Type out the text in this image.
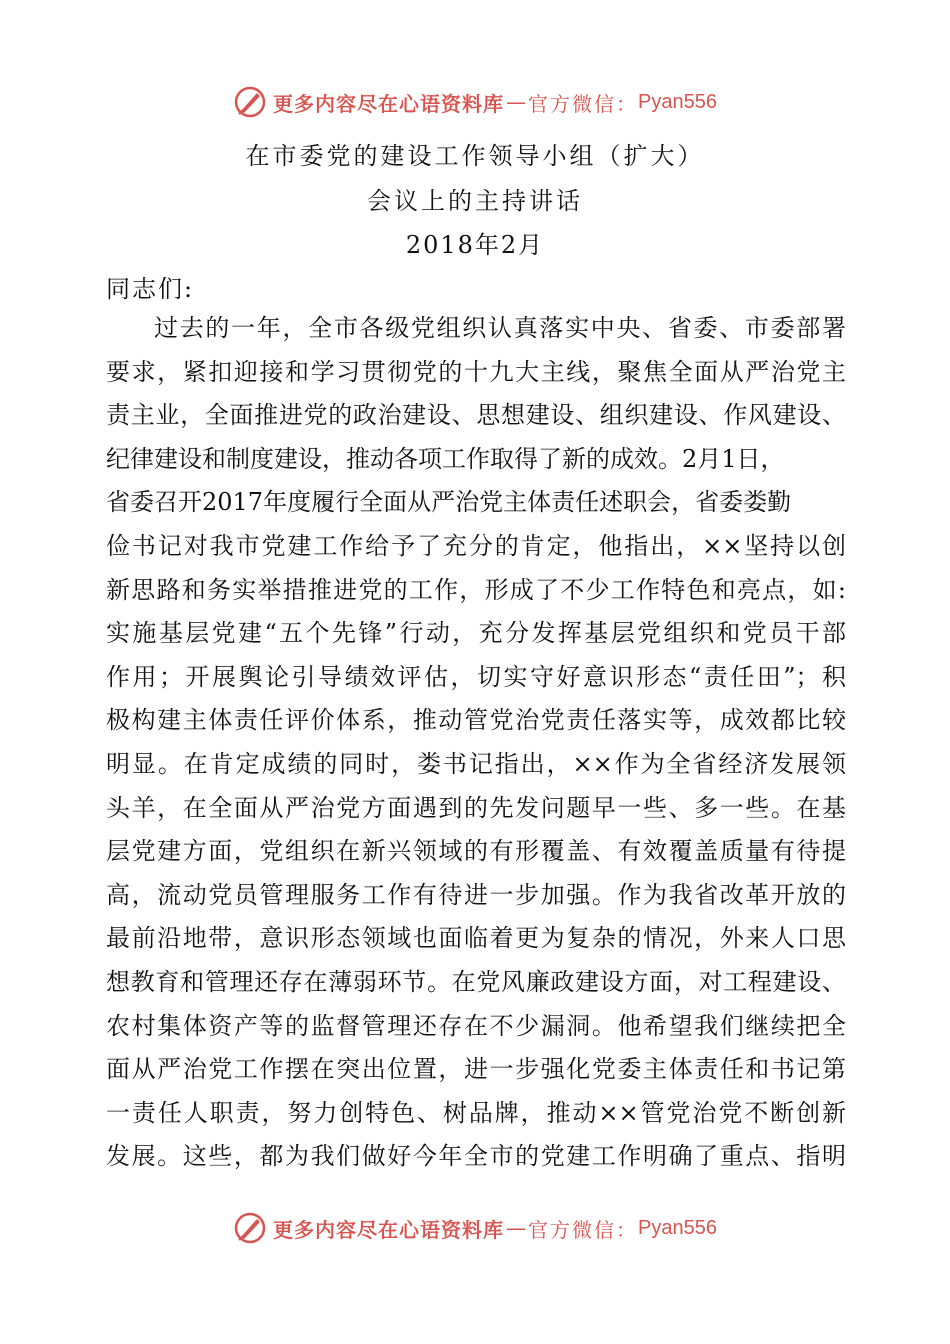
更多内容尽在心语资料库 — 官方微信： Pyan556
在市委党的建设工作领导小组（扩大）
会议上的主持讲话
2018年2月
同志们:
过去的一年，全市各级党组织认真落实中央、省委、市委部署
要求，紧扣迎接和学习贯彻党的十九大主线，聚焦全面从严治党主
责主业，全面推进党的政治建设、思想建设、组织建设、作风建设、
纪律建设和制度建设，推动各项工作取得了新的成效。2月1日，
省委召开2017年度履行全面从严治党主体责任述职会，省委娄勤
俭书记对我市党建工作给予了充分的肯定，他指出，××坚持以创
新思路和务实举措推进党的工作，形成了不少工作特色和亮点，如:
实施基层党建“五个先锋”行动，充分发挥基层党组织和党员干部
作用；开展舆论引导绩效评估，切实守好意识形态“责任田”；积
极构建主体责任评价体系，推动管党治党责任落实等，成效都比较
明显。在肯定成绩的同时，娄书记指出，××作为全省经济发展领
头羊，在全面从严治党方面遇到的先发问题早一些、多一些。在基
层党建方面，党组织在新兴领域的有形覆盖、有效覆盖质量有待提
高，流动党员管理服务工作有待进一步加强。作为我省改革开放的
最前沿地带，意识形态领域也面临着更为复杂的情况，外来人口思
想教育和管理还存在薄弱环节。在党风廉政建设方面，对工程建设、
农村集体资产等的监督管理还存在不少漏洞。他希望我们继续把全
面从严治党工作摆在突出位置，进一步强化党委主体责任和书记第
一责任人职责，努力创特色、树品牌，推动××管党治党不断创新
发展。这些，都为我们做好今年全市的党建工作明确了重点、指明
更多内容尽在心语资料库 — 官方微信： Pyan556
